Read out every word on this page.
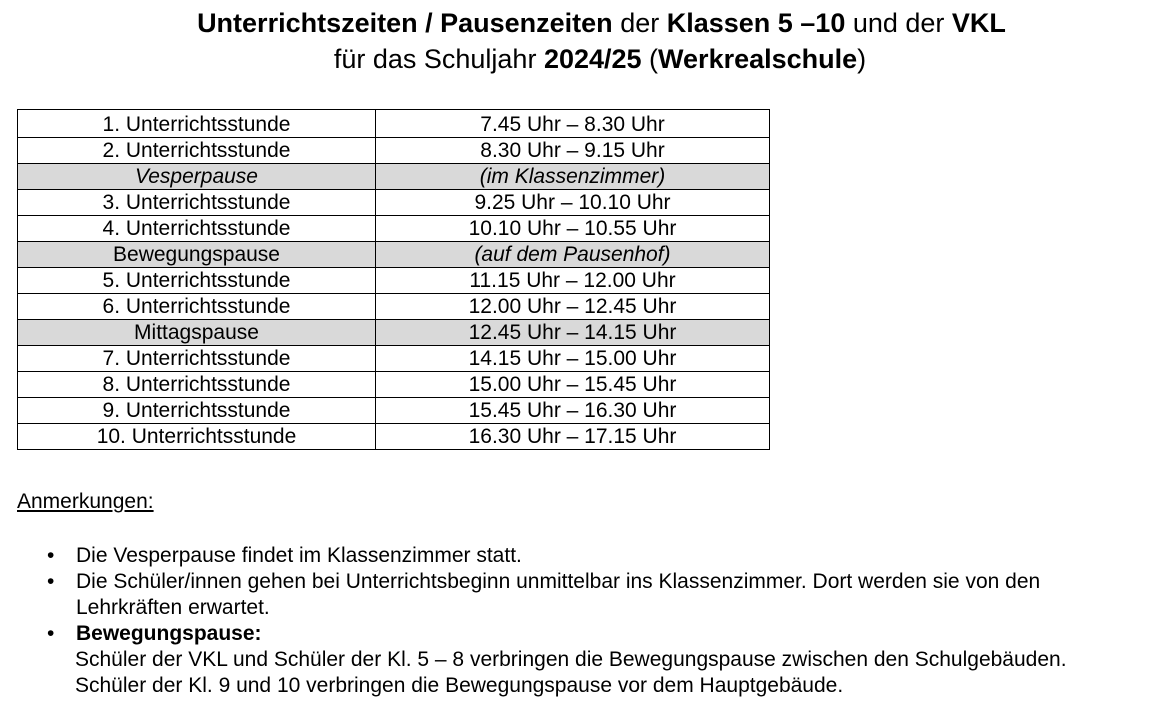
Unterrichtszeiten / Pausenzeiten der Klassen 5 –10 und der VKL
für das Schuljahr 2024/25 (Werkrealschule)
1. Unterrichtsstunde	7.45 Uhr – 8.30 Uhr
2. Unterrichtsstunde	8.30 Uhr – 9.15 Uhr
Vesperpause	(im Klassenzimmer)
3. Unterrichtsstunde	9.25 Uhr – 10.10 Uhr
4. Unterrichtsstunde	10.10 Uhr – 10.55 Uhr
Bewegungspause	(auf dem Pausenhof)
5. Unterrichtsstunde	11.15 Uhr – 12.00 Uhr
6. Unterrichtsstunde	12.00 Uhr – 12.45 Uhr
Mittagspause	12.45 Uhr – 14.15 Uhr
7. Unterrichtsstunde	14.15 Uhr – 15.00 Uhr
8. Unterrichtsstunde	15.00 Uhr – 15.45 Uhr
9. Unterrichtsstunde	15.45 Uhr – 16.30 Uhr
10. Unterrichtsstunde	16.30 Uhr – 17.15 Uhr
Anmerkungen:
• Die Vesperpause findet im Klassenzimmer statt.
• Die Schüler/innen gehen bei Unterrichtsbeginn unmittelbar ins Klassenzimmer. Dort werden sie von den
Lehrkräften erwartet.
• Bewegungspause:
Schüler der VKL und Schüler der Kl. 5 – 8 verbringen die Bewegungspause zwischen den Schulgebäuden.
Schüler der Kl. 9 und 10 verbringen die Bewegungspause vor dem Hauptgebäude.
